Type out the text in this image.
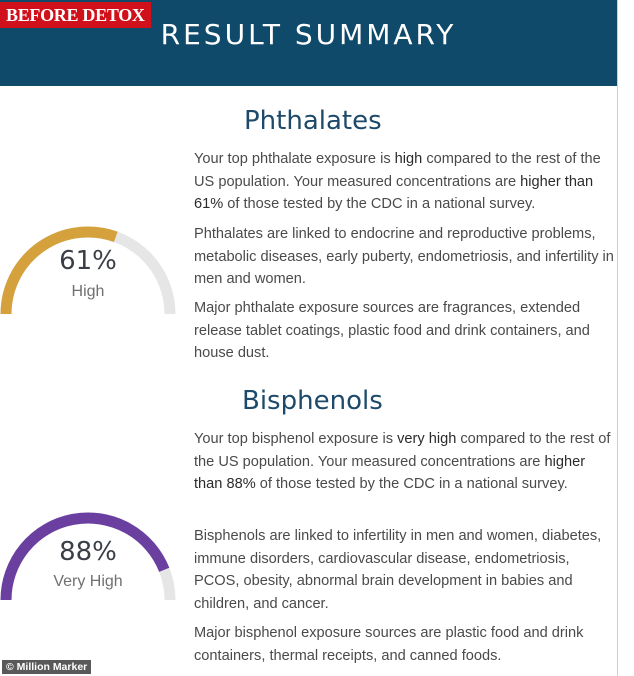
RESULT SUMMARY
BEFORE DETOX
Phthalates
61%
High

Your top phthalate exposure is high compared to the rest of the US population. Your measured concentrations are higher than 61% of those tested by the CDC in a national survey.

Phthalates are linked to endocrine and reproductive problems, metabolic diseases, early puberty, endometriosis, and infertility in men and women.

Major phthalate exposure sources are fragrances, extended release tablet coatings, plastic food and drink containers, and house dust.

Bisphenols
88%
Very High

Your top bisphenol exposure is very high compared to the rest of the US population. Your measured concentrations are higher than 88% of those tested by the CDC in a national survey.

Bisphenols are linked to infertility in men and women, diabetes, immune disorders, cardiovascular disease, endometriosis, PCOS, obesity, abnormal brain development in babies and children, and cancer.

Major bisphenol exposure sources are plastic food and drink containers, thermal receipts, and canned foods.

© Million Marker
